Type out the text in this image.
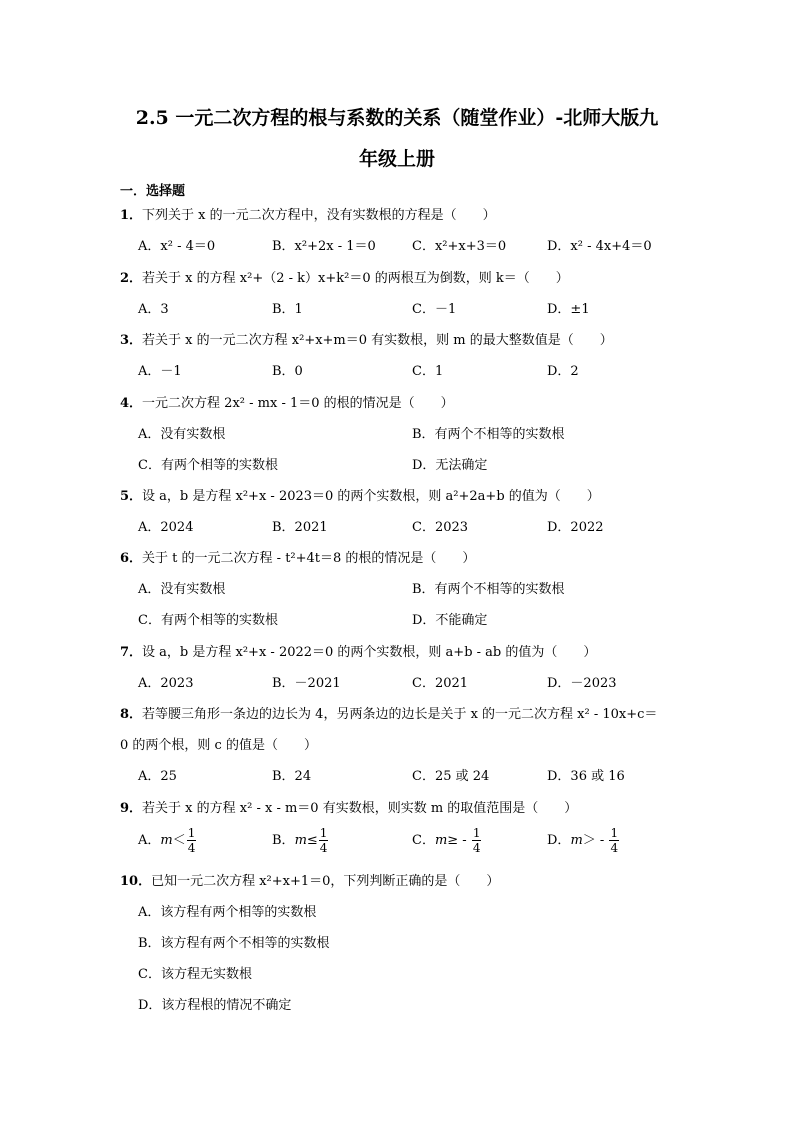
2.5 一元二次方程的根与系数的关系（随堂作业）-北师大版九
年级上册
一．选择题
1．下列关于 x 的一元二次方程中，没有实数根的方程是（　　）
A．x² - 4＝0	B．x²+2x - 1＝0	C．x²+x+3＝0	D．x² - 4x+4＝0
2．若关于 x 的方程 x²+（2 - k）x+k²＝0 的两根互为倒数，则 k＝（　　）
A．3	B．1	C．－1	D．±1
3．若关于 x 的一元二次方程 x²+x+m＝0 有实数根，则 m 的最大整数值是（　　）
A．－1	B．0	C．1	D．2
4．一元二次方程 2x² - mx - 1＝0 的根的情况是（　　）
A．没有实数根	B．有两个不相等的实数根
C．有两个相等的实数根	D．无法确定
5．设 a，b 是方程 x²+x - 2023＝0 的两个实数根，则 a²+2a+b 的值为（　　）
A．2024	B．2021	C．2023	D．2022
6．关于 t 的一元二次方程 - t²+4t＝8 的根的情况是（　　）
A．没有实数根	B．有两个不相等的实数根
C．有两个相等的实数根	D．不能确定
7．设 a，b 是方程 x²+x - 2022＝0 的两个实数根，则 a+b - ab 的值为（　　）
A．2023	B．－2021	C．2021	D．－2023
8．若等腰三角形一条边的边长为 4，另两条边的边长是关于 x 的一元二次方程 x² - 10x+c＝
0 的两个根，则 c 的值是（　　）
A．25	B．24	C．25 或 24	D．36 或 16
9．若关于 x 的方程 x² - x - m＝0 有实数根，则实数 m 的取值范围是（　　）
A．$m< \frac{1}{4}$	B．$m\le \frac{1}{4}$	C．$m\ge - \frac{1}{4}$	D．$m> - \frac{1}{4}$
10．已知一元二次方程 x²+x+1＝0，下列判断正确的是（　　）
A．该方程有两个相等的实数根
B．该方程有两个不相等的实数根
C．该方程无实数根
D．该方程根的情况不确定
